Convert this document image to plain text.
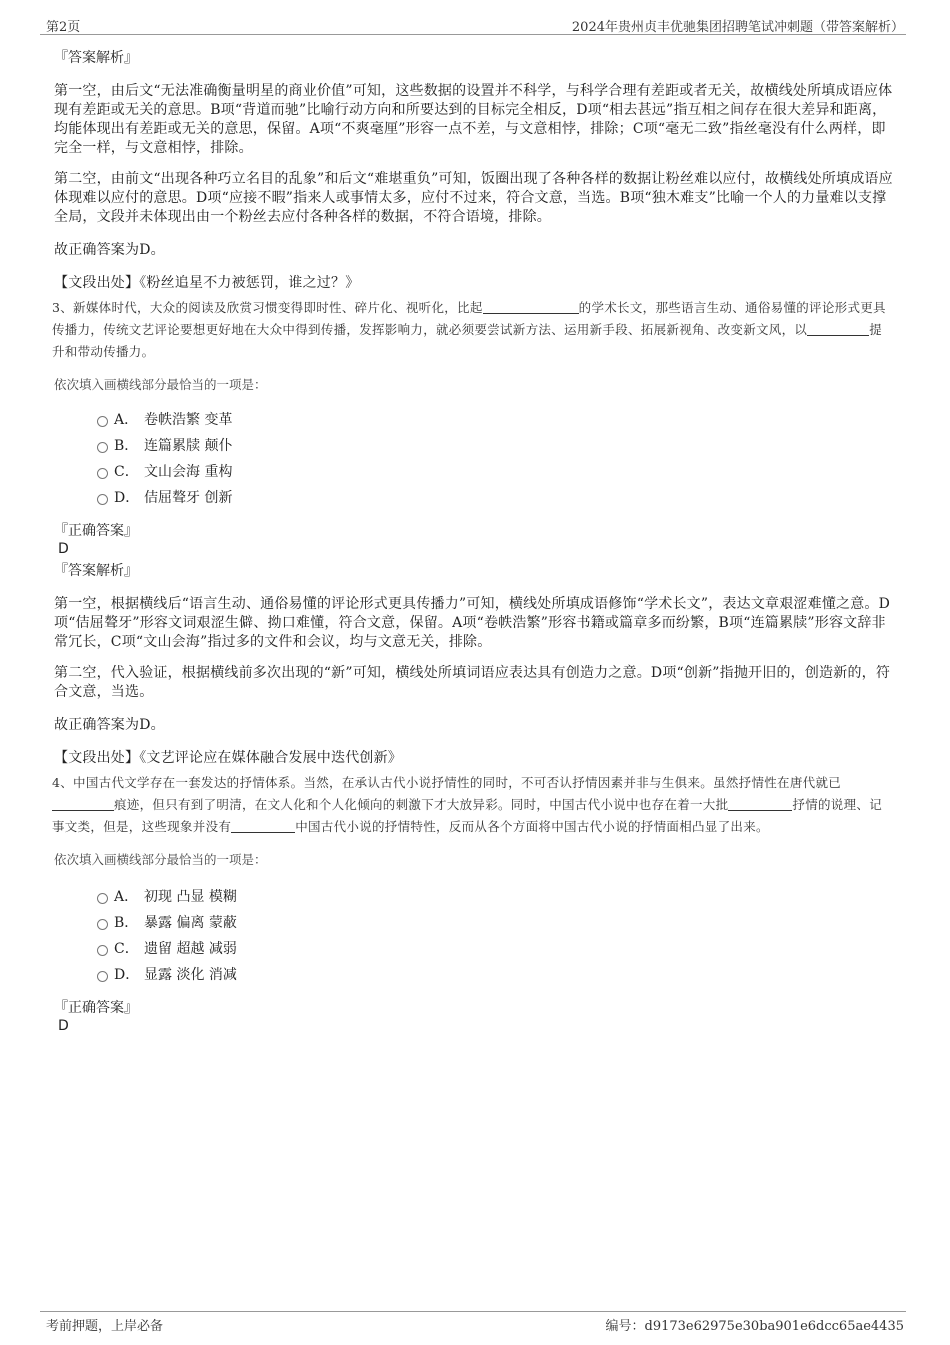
第2页	2024年贵州贞丰优驰集团招聘笔试冲刺题（带答案解析）

『答案解析』

第一空，由后文“无法准确衡量明星的商业价值”可知，这些数据的设置并不科学，与科学合理有差距或者无关，故横线处所填成语应体现有差距或无关的意思。B项“背道而驰”比喻行动方向和所要达到的目标完全相反，D项“相去甚远”指互相之间存在很大差异和距离，均能体现出有差距或无关的意思，保留。A项“不爽毫厘”形容一点不差，与文意相悖，排除；C项“毫无二致”指丝毫没有什么两样，即完全一样，与文意相悖，排除。

第二空，由前文“出现各种巧立名目的乱象”和后文“难堪重负”可知，饭圈出现了各种各样的数据让粉丝难以应付，故横线处所填成语应体现难以应付的意思。D项“应接不暇”指来人或事情太多，应付不过来，符合文意，当选。B项“独木难支”比喻一个人的力量难以支撑全局，文段并未体现出由一个粉丝去应付各种各样的数据，不符合语境，排除。

故正确答案为D。

【文段出处】《粉丝追星不力被惩罚，谁之过？》

3、新媒体时代，大众的阅读及欣赏习惯变得即时性、碎片化、视听化，比起	的学术长文，那些语言生动、通俗易懂的评论形式更具传播力，传统文艺评论要想更好地在大众中得到传播，发挥影响力，就必须要尝试新方法、运用新手段、拓展新视角、改变新文风，以	提升和带动传播力。

依次填入画横线部分最恰当的一项是：

A． 卷帙浩繁 变革
B． 连篇累牍 颠仆
C． 文山会海 重构
D． 佶屈聱牙 创新

『正确答案』

D

『答案解析』

第一空，根据横线后“语言生动、通俗易懂的评论形式更具传播力”可知，横线处所填成语修饰“学术长文”，表达文章艰涩难懂之意。D项“佶屈聱牙”形容文词艰涩生僻、拗口难懂，符合文意，保留。A项“卷帙浩繁”形容书籍或篇章多而纷繁，B项“连篇累牍”形容文辞非常冗长，C项“文山会海”指过多的文件和会议，均与文意无关，排除。

第二空，代入验证，根据横线前多次出现的“新”可知，横线处所填词语应表达具有创造力之意。D项“创新”指抛开旧的，创造新的，符合文意，当选。

故正确答案为D。

【文段出处】《文艺评论应在媒体融合发展中迭代创新》

4、中国古代文学存在一套发达的抒情体系。当然，在承认古代小说抒情性的同时，不可否认抒情因素并非与生俱来。虽然抒情性在唐代就已痕迹，但只有到了明清，在文人化和个人化倾向的刺激下才大放异彩。同时，中国古代小说中也存在着一大批	抒情的说理、记事文类，但是，这些现象并没有	中国古代小说的抒情特性，反而从各个方面将中国古代小说的抒情面相凸显了出来。

依次填入画横线部分最恰当的一项是：

A． 初现 凸显 模糊
B． 暴露 偏离 蒙蔽
C． 遗留 超越 减弱
D． 显露 淡化 消减

『正确答案』

D

考前押题，上岸必备	编号：d9173e62975e30ba901e6dcc65ae4435
